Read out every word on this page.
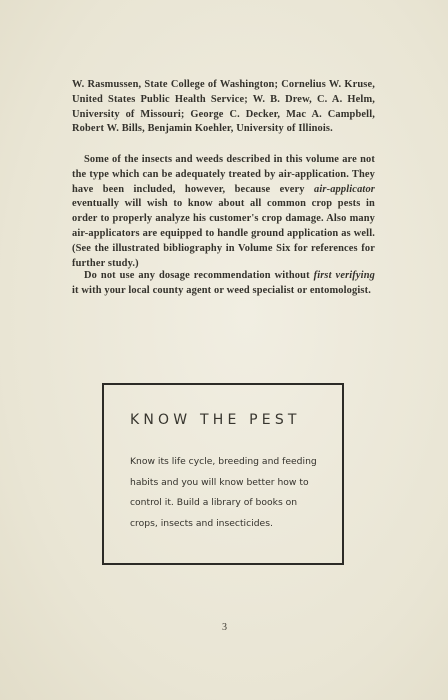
W. Rasmussen, State College of Washington; Cornelius W. Kruse, United States Public Health Service; W. B. Drew, C. A. Helm, University of Missouri; George C. Decker, Mac A. Campbell, Robert W. Bills, Benjamin Koehler, University of Illinois.

Some of the insects and weeds described in this volume are not the type which can be adequately treated by air-application. They have been included, however, because every air-applicator eventually will wish to know about all common crop pests in order to properly analyze his customer's crop damage. Also many air-applicators are equipped to handle ground application as well. (See the illustrated bibliography in Volume Six for references for further study.)

Do not use any dosage recommendation without first verifying it with your local county agent or weed specialist or entomologist.

KNOW THE PEST
Know its life cycle, breeding and feeding
habits and you will know better how to
control it. Build a library of books on
crops, insects and insecticides.
3
